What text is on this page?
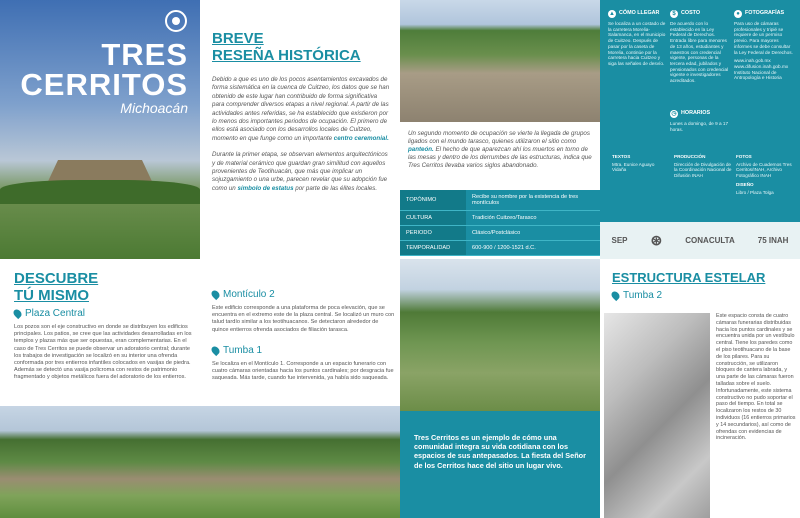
TRES
CERRITOS
Michoacán
BREVE
RESEÑA HISTÓRICA

Debido a que es uno de los pocos asentamientos excavados de forma sistemática en la cuenca de Cuitzeo, los datos que se han obtenido de este lugar han contribuido de forma significativa para comprender diversos etapas a nivel regional. A partir de las actividades antes referidas, se ha establecido que existieron por lo menos dos importantes periodos de ocupación. El primero de ellos está asociado con los desarrollos locales de Cuitzeo, momento en que funge como un importante centro ceremonial.

Durante la primer etapa, se observan elementos arquitectónicos y de material cerámico que guardan gran similitud con aquellos provenientes de Teotihuacán, que más que implicar un sojuzgamiento o una urbe, parecen revelar que su adopción fue como un símbolo de estatus por parte de las élites locales.

Un segundo momento de ocupación se vierte la llegada de grupos ligados con el mundo tarasco, quienes utilizaron el sitio como panteón. El hecho de que aparezcan ahí los muertos en torno de las mesas y dentro de los derrumbes de las estructuras, indica que Tres Cerritos llevaba varios siglos abandonado.

TOPÓNIMO	Recibe su nombre por la existencia de tres montículos
CULTURA	Tradición Cuitzeo/Tarasco
PERIODO	Clásico/Postclásico
TEMPORALIDAD	600-900 / 1200-1521 d.C.
▲ CÓMO LLEGAR
Se localiza a un costado de la carretera Morelia-Salamanca, en el municipio de Cuitzeo. Después de pasar por la caseta de Morelia, continúe por la carretera hacia Cuitzeo y siga las señales de desvío.
$ COSTO
De acuerdo con lo establecido en la Ley Federal de Derechos. Entrada libre para menores de 13 años, estudiantes y maestros con credencial vigente, personas de la tercera edad, jubilados y pensionados con credencial vigente e investigadores acreditados.
● FOTOGRAFÍAS
Para uso de cámaras profesionales y tripié se requiere de un permiso previo. Para mayores informes se debe consultar la Ley Federal de Derechos.
www.inah.gob.mx
www.difusion.inah.gob.mx
Instituto Nacional de Antropología e Historia
◷ HORARIOS
Lunes a domingo, de 9 a 17 horas.
TEXTOS
Mtra. Eunice Aguayo Vidaña
PRODUCCIÓN
Dirección de Divulgación de la Coordinación Nacional de Difusión INAH
FOTOS
Archivo de Cuadernos Tres Cerritos/INAH, Archivo Fotográfico INAH
DISEÑO
Libro / Plaza Tolga
SEP ⊛	CONACULTA	75 INAH
DESCUBRE
TÚ MISMO
Plaza Central
Los pozos son el eje constructivo en donde se distribuyen los edificios principales. Los patios, se cree que las actividades desarrolladas en los templos y plazas más que ser opuestas, eran complementarias. En el caso de Tres Cerritos se puede observar un adoratorio central; durante los trabajos de investigación se localizó en su interior una ofrenda conformada por tres entierros infantiles colocados en vasijas de piedra. Además se detectó una vasija policroma con restos de patrimonio fragmentado y objetos metálicos fuera del adoratorio de los entierros.
Montículo 2
Este edificio corresponde a una plataforma de poca elevación, que se encuentra en el extremo este de la plaza central. Se localizó un muro con talud tardío similar a los teotihuacanos. Se detectaron alrededor de quince entierros ofrenda asociados de filiación tarasca.
Tumba 1
Se localiza en el Montículo 1. Corresponde a un espacio funerario con cuatro cámaras orientadas hacia los puntos cardinales; por desgracia fue saqueada. Más tarde, cuando fue intervenida, ya había sido saqueada.
Tres Cerritos es un ejemplo de cómo una comunidad integra su vida cotidiana con los espacios de sus antepasados. La fiesta del Señor de los Cerritos hace del sitio un lugar vivo.
ESTRUCTURA ESTELAR
Tumba 2
Este espacio consta de cuatro cámaras funerarias distribuidas hacia los puntos cardinales y se encuentra unida por un vestíbulo central. Tiene los paredes como el piso teotihuacano de la base de los pilares. Para su construcción, se utilizaron bloques de cantera labrada, y una parte de las cámaras fueron talladas sobre el suelo. Infortunadamente, este sistema constructivo no pudo soportar el paso del tiempo. En total se localizaron los restos de 30 individuos (16 entierros primarios y 14 secundarios), así como de ofrendas con evidencias de incineración.
